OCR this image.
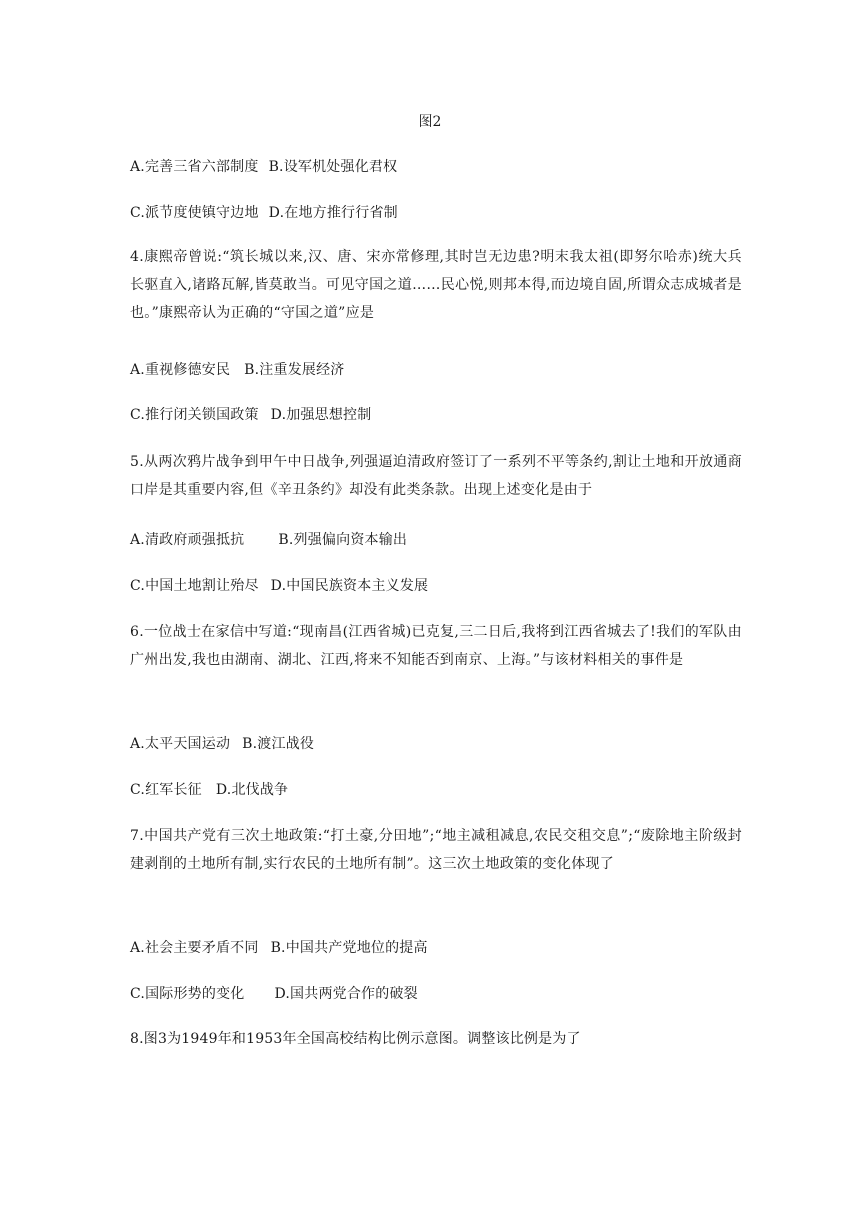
图2
A.完善三省六部制度 B.设军机处强化君权
C.派节度使镇守边地 D.在地方推行行省制
4.康熙帝曾说:“筑长城以来,汉、唐、宋亦常修理,其时岂无边患?明末我太祖(即努尔哈赤)统大兵长驱直入,诸路瓦解,皆莫敢当。可见守国之道……民心悦,则邦本得,而边境自固,所谓众志成城者是也。”康熙帝认为正确的“守国之道”应是
A.重视修德安民 B.注重发展经济
C.推行闭关锁国政策 D.加强思想控制
5.从两次鸦片战争到甲午中日战争,列强逼迫清政府签订了一系列不平等条约,割让土地和开放通商口岸是其重要内容,但《辛丑条约》却没有此类条款。出现上述变化是由于
A.清政府顽强抵抗 B.列强偏向资本输出
C.中国土地割让殆尽 D.中国民族资本主义发展
6.一位战士在家信中写道:“现南昌(江西省城)已克复,三二日后,我将到江西省城去了!我们的军队由广州出发,我也由湖南、湖北、江西,将来不知能否到南京、上海。”与该材料相关的事件是
A.太平天国运动 B.渡江战役
C.红军长征 D.北伐战争
7.中国共产党有三次土地政策:“打土豪,分田地”;“地主减租减息,农民交租交息”;“废除地主阶级封建剥削的土地所有制,实行农民的土地所有制”。这三次土地政策的变化体现了
A.社会主要矛盾不同 B.中国共产党地位的提高
C.国际形势的变化 D.国共两党合作的破裂
8.图3为1949年和1953年全国高校结构比例示意图。调整该比例是为了
